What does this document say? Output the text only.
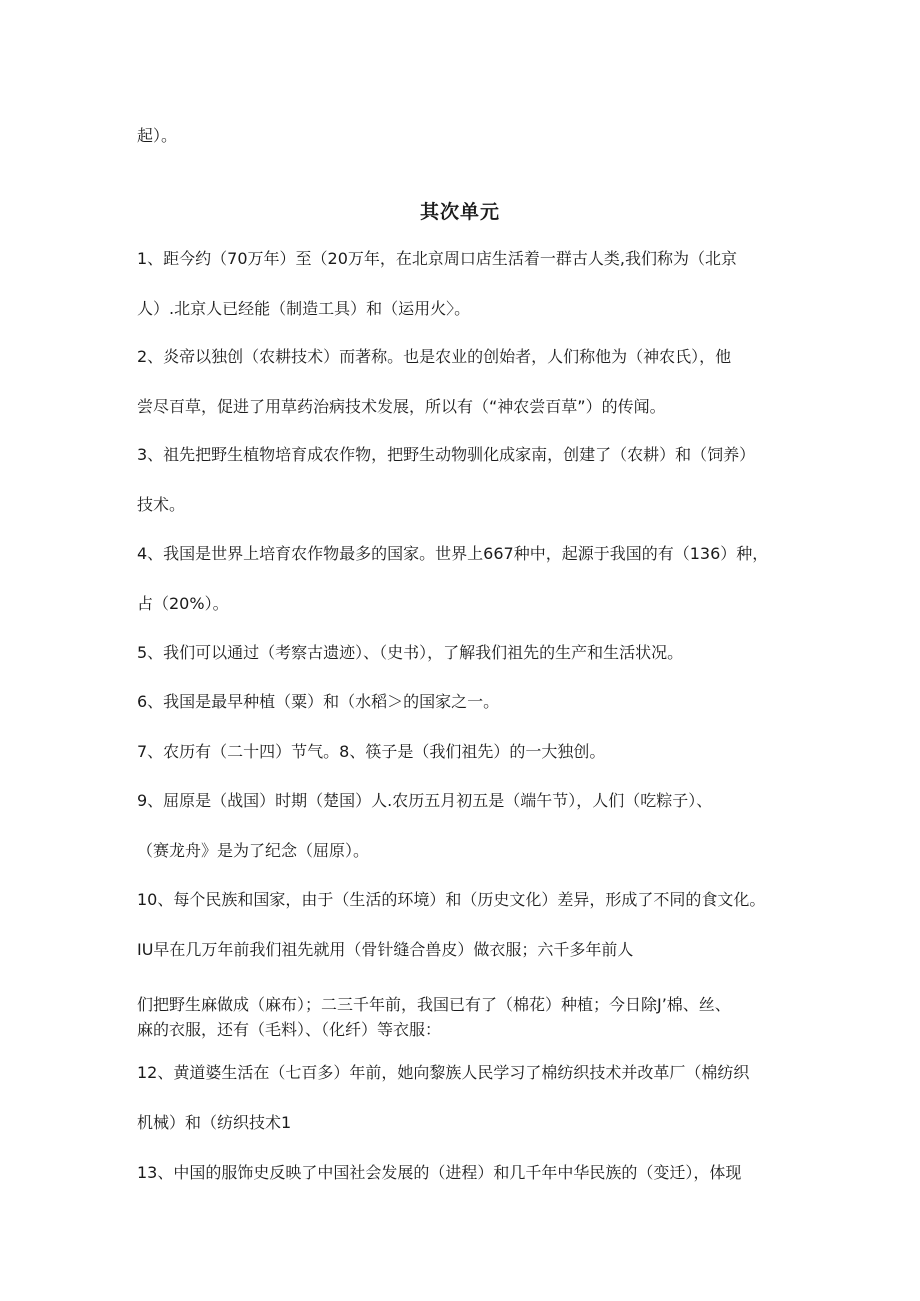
起）。
其次单元
1、距今约（70万年）至（20万年，在北京周口店生活着一群古人类,我们称为（北京
人）.北京人已经能（制造工具）和（运用火〉。
2、炎帝以独创（农耕技术）而著称。也是农业的创始者，人们称他为（神农氏），他
尝尽百草，促进了用草药治病技术发展，所以有（“神农尝百草”）的传闻。
3、祖先把野生植物培育成农作物，把野生动物驯化成家南，创建了（农耕）和（饲养）
技术。
4、我国是世界上培育农作物最多的国家。世界上667种中，起源于我国的有（136）种，
占（20%）。
5、我们可以通过（考察古遗迹）、（史书），了解我们祖先的生产和生活状况。
6、我国是最早种植（粟）和（水稻＞的国家之一。
7、农历有（二十四）节气。8、筷子是（我们祖先）的一大独创。
9、屈原是（战国）时期（楚国）人.农历五月初五是（端午节），人们（吃粽子）、
（赛龙舟》是为了纪念（屈原）。
10、每个民族和国家，由于（生活的环境）和（历史文化）差异，形成了不同的食文化。
IU早在几万年前我们祖先就用（骨针缝合兽皮）做衣服；六千多年前人
们把野生麻做成（麻布）；二三千年前，我国已有了（棉花）种植；今日除J’棉、丝、
麻的衣服，还有（毛料）、（化纤）等衣服：
12、黄道婆生活在（七百多）年前，她向黎族人民学习了棉纺织技术并改革厂（棉纺织
机械）和（纺织技术1
13、中国的服饰史反映了中国社会发展的（进程）和几千年中华民族的（变迁），体现
